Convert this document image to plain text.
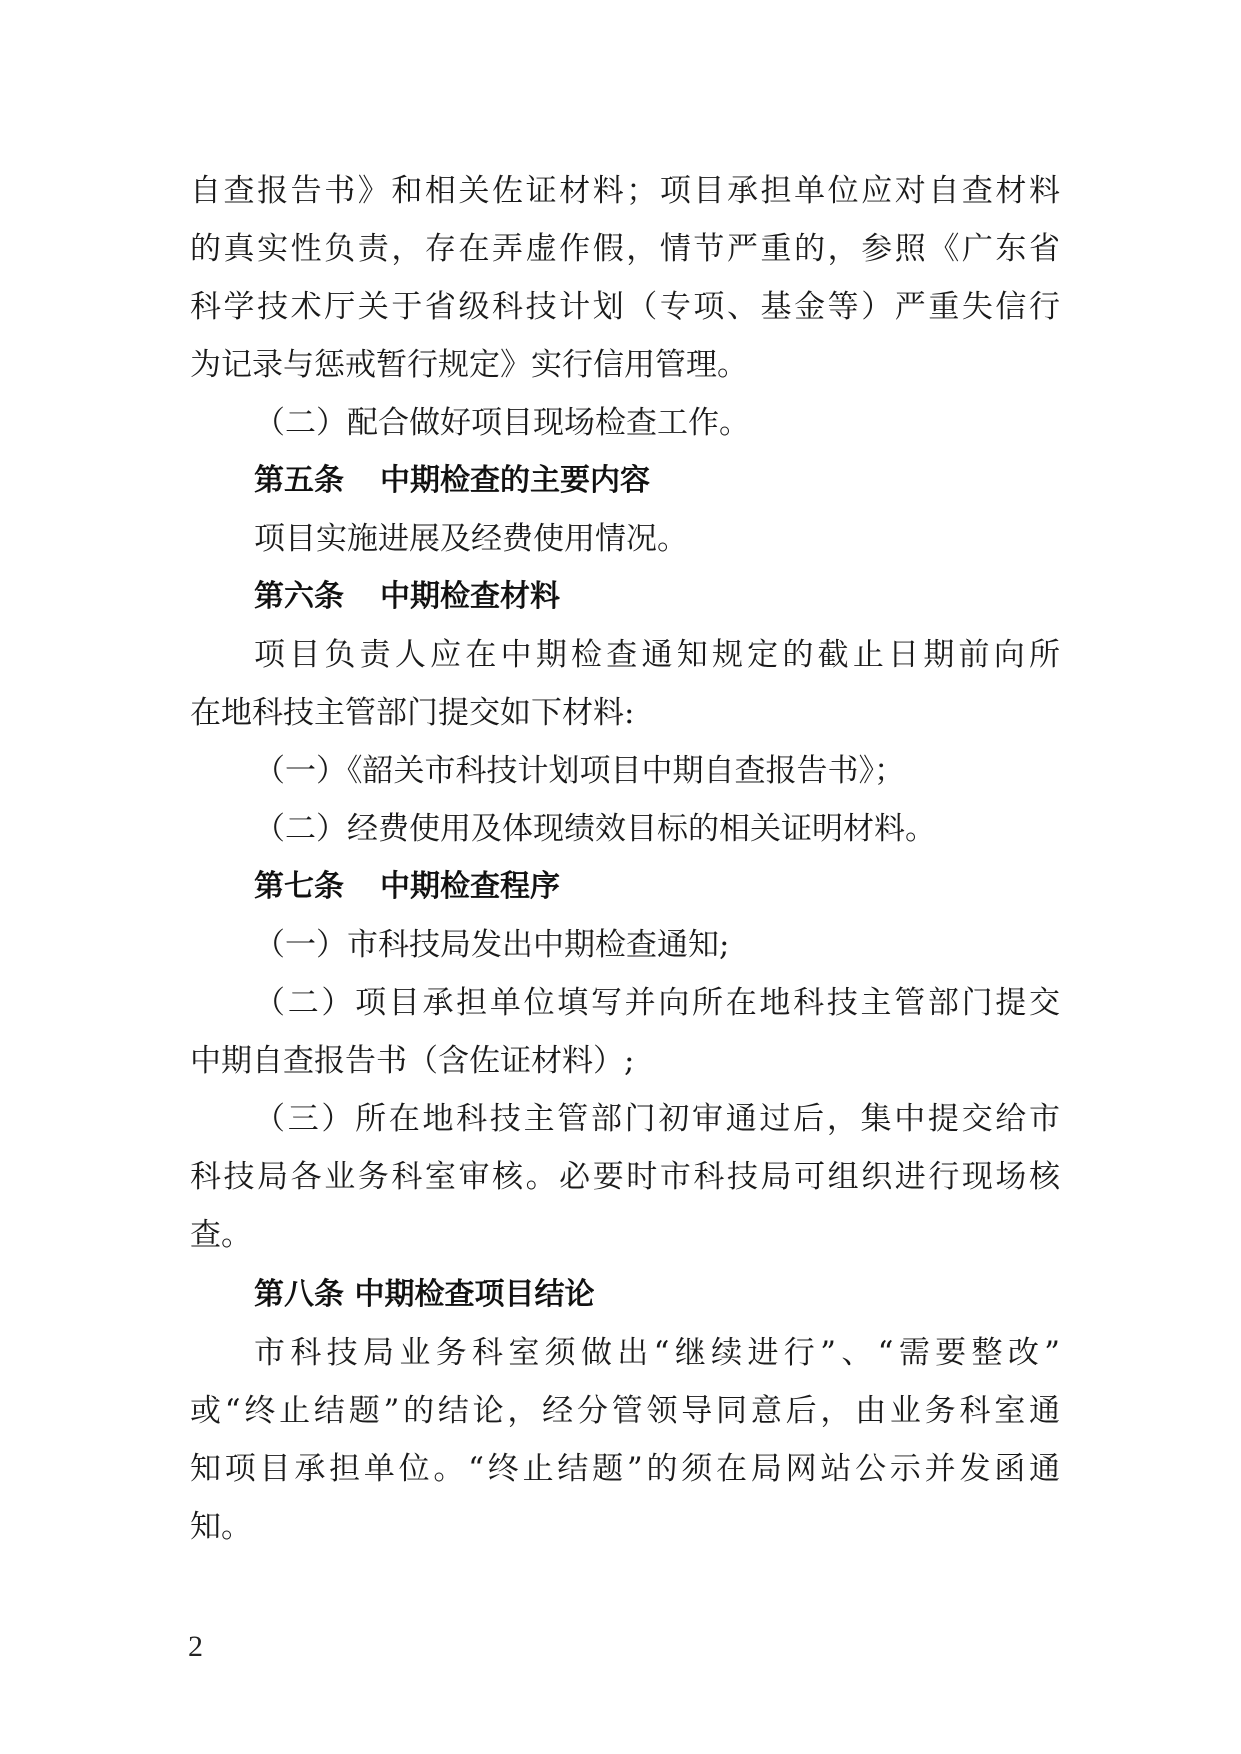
自查报告书》和相关佐证材料；项目承担单位应对自查材料
的真实性负责，存在弄虚作假，情节严重的，参照《广东省
科学技术厅关于省级科技计划（专项、基金等）严重失信行
为记录与惩戒暂行规定》实行信用管理。
（二）配合做好项目现场检查工作。
第五条 中期检查的主要内容
项目实施进展及经费使用情况。
第六条 中期检查材料
项目负责人应在中期检查通知规定的截止日期前向所
在地科技主管部门提交如下材料:
（一）《韶关市科技计划项目中期自查报告书》；
（二）经费使用及体现绩效目标的相关证明材料。
第七条 中期检查程序
（一）市科技局发出中期检查通知;
（二）项目承担单位填写并向所在地科技主管部门提交
中期自查报告书（含佐证材料）;
（三）所在地科技主管部门初审通过后，集中提交给市
科技局各业务科室审核。必要时市科技局可组织进行现场核
查。
第八条 中期检查项目结论
市科技局业务科室须做出“继续进行”、“需要整改”
或“终止结题”的结论，经分管领导同意后，由业务科室通
知项目承担单位。“终止结题”的须在局网站公示并发函通
知。
2
